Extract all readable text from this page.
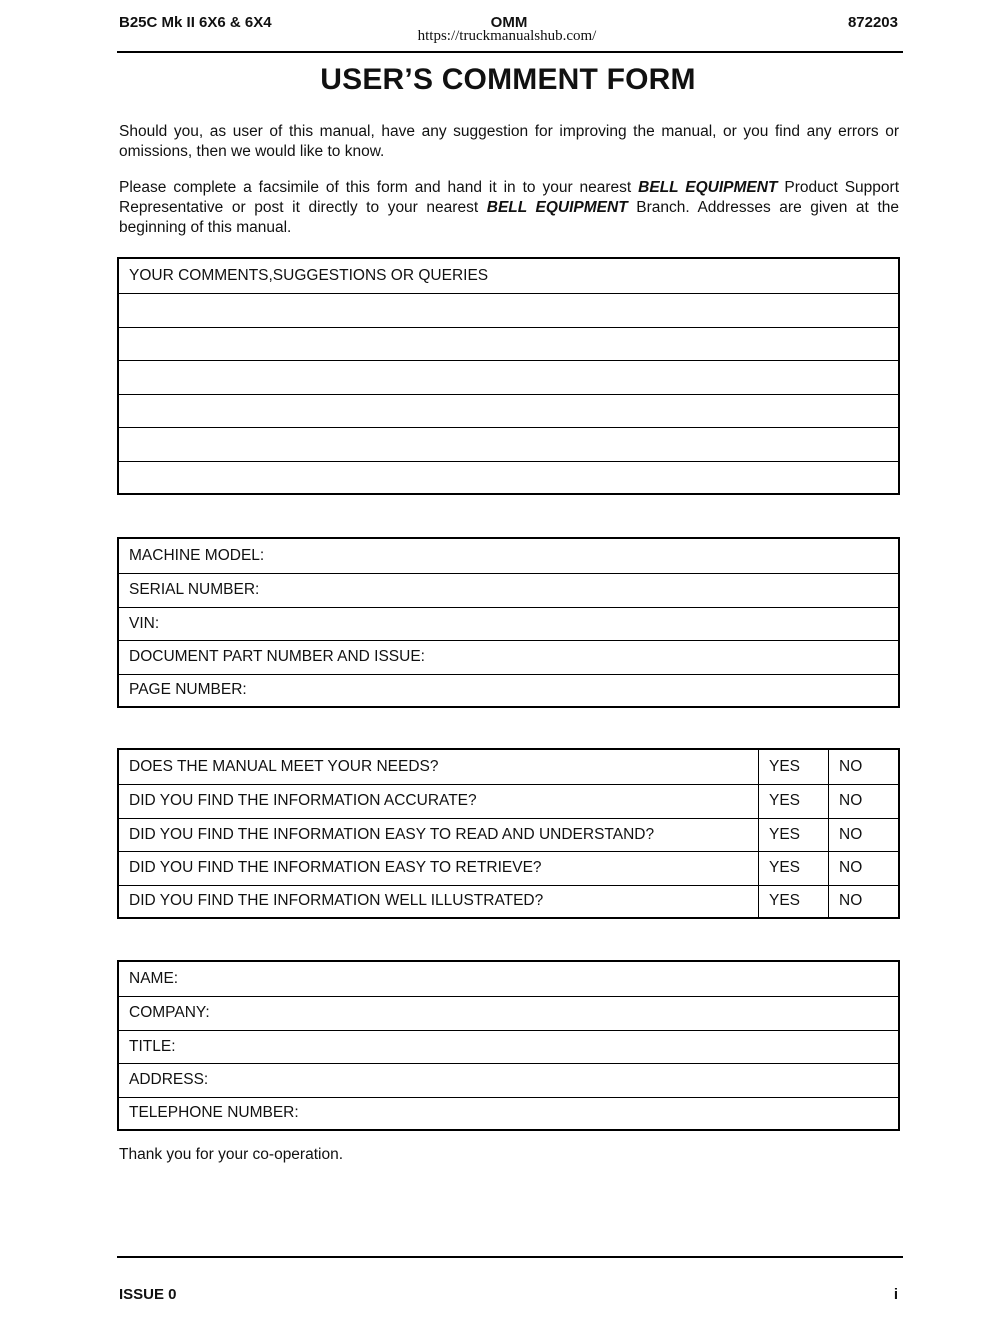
B25C Mk II 6X6 & 6X4	OMM	872203
https://truckmanualshub.com/
USER’S COMMENT FORM
Should you, as user of this manual, have any suggestion for improving the manual, or you find any errors or omissions, then we would like to know.
Please complete a facsimile of this form and hand it in to your nearest BELL EQUIPMENT Product Support Representative or post it directly to your nearest BELL EQUIPMENT Branch. Addresses are given at the beginning of this manual.
YOUR COMMENTS,SUGGESTIONS OR QUERIES
MACHINE MODEL:
SERIAL NUMBER:
VIN:
DOCUMENT PART NUMBER AND ISSUE:
PAGE NUMBER:
DOES THE MANUAL MEET YOUR NEEDS?	YES	NO
DID YOU FIND THE INFORMATION ACCURATE?	YES	NO
DID YOU FIND THE INFORMATION EASY TO READ AND UNDERSTAND?	YES	NO
DID YOU FIND THE INFORMATION EASY TO RETRIEVE?	YES	NO
DID YOU FIND THE INFORMATION WELL ILLUSTRATED?	YES	NO
NAME:
COMPANY:
TITLE:
ADDRESS:
TELEPHONE NUMBER:
Thank you for your co-operation.
ISSUE 0	i
